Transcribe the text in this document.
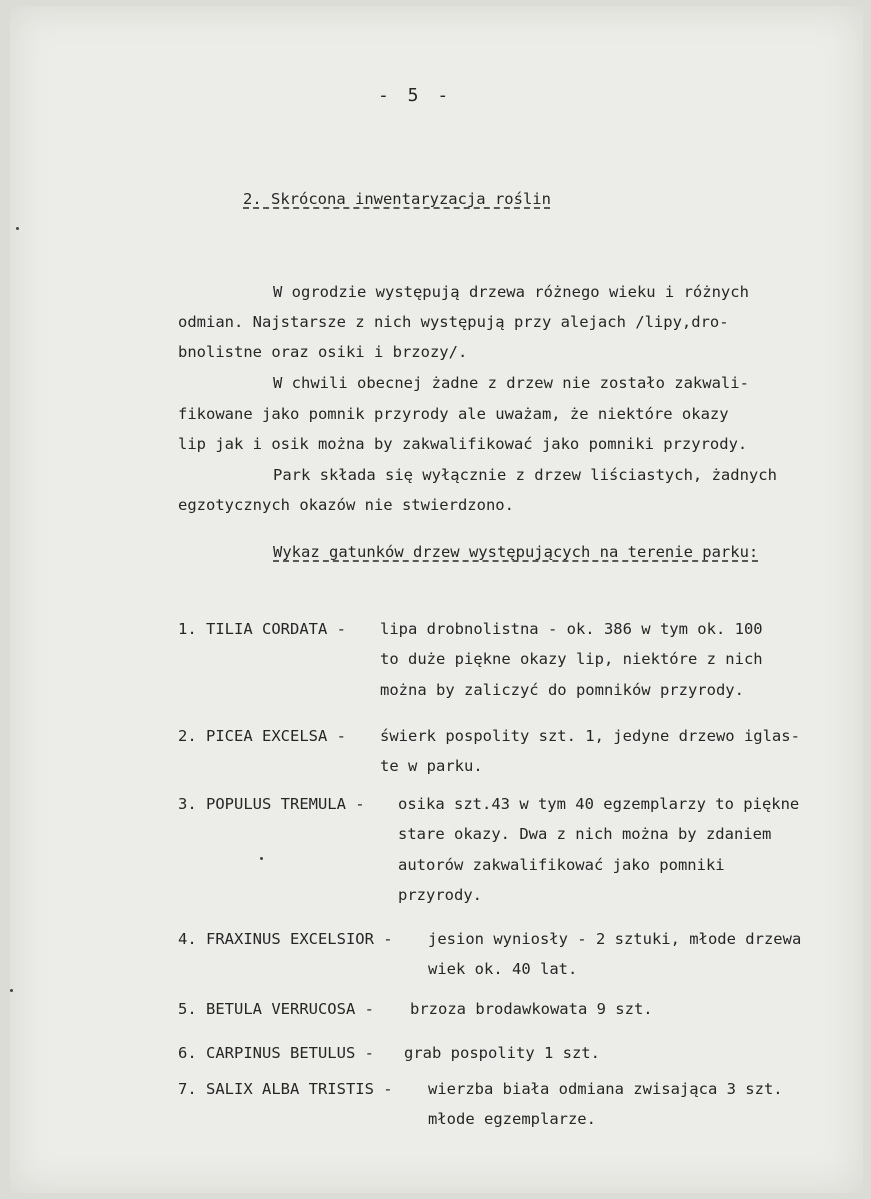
- 5 -
2. Skrócona inwentaryzacja roślin
W ogrodzie występują drzewa różnego wieku i różnych
odmian. Najstarsze z nich występują przy alejach /lipy,dro-
bnolistne oraz osiki i brzozy/.
W chwili obecnej żadne z drzew nie zostało zakwali-
fikowane jako pomnik przyrody ale uważam, że niektóre okazy
lip jak i osik można by zakwalifikować jako pomniki przyrody.
Park składa się wyłącznie z drzew liściastych, żadnych
egzotycznych okazów nie stwierdzono.
Wykaz gatunków drzew występujących na terenie parku:
1. TILIA CORDATA - lipa drobnolistna - ok. 386 w tym ok. 100
to duże piękne okazy lip, niektóre z nich
można by zaliczyć do pomników przyrody.
2. PICEA EXCELSA - świerk pospolity szt. 1, jedyne drzewo iglas-
te w parku.
3. POPULUS TREMULA - osika szt.43 w tym 40 egzemplarzy to piękne
stare okazy. Dwa z nich można by zdaniem
autorów zakwalifikować jako pomniki
przyrody.
4. FRAXINUS EXCELSIOR - jesion wyniosły - 2 sztuki, młode drzewa
wiek ok. 40 lat.
5. BETULA VERRUCOSA - brzoza brodawkowata 9 szt.
6. CARPINUS BETULUS - grab pospolity 1 szt.
7. SALIX ALBA TRISTIS - wierzba biała odmiana zwisająca 3 szt.
młode egzemplarze.
